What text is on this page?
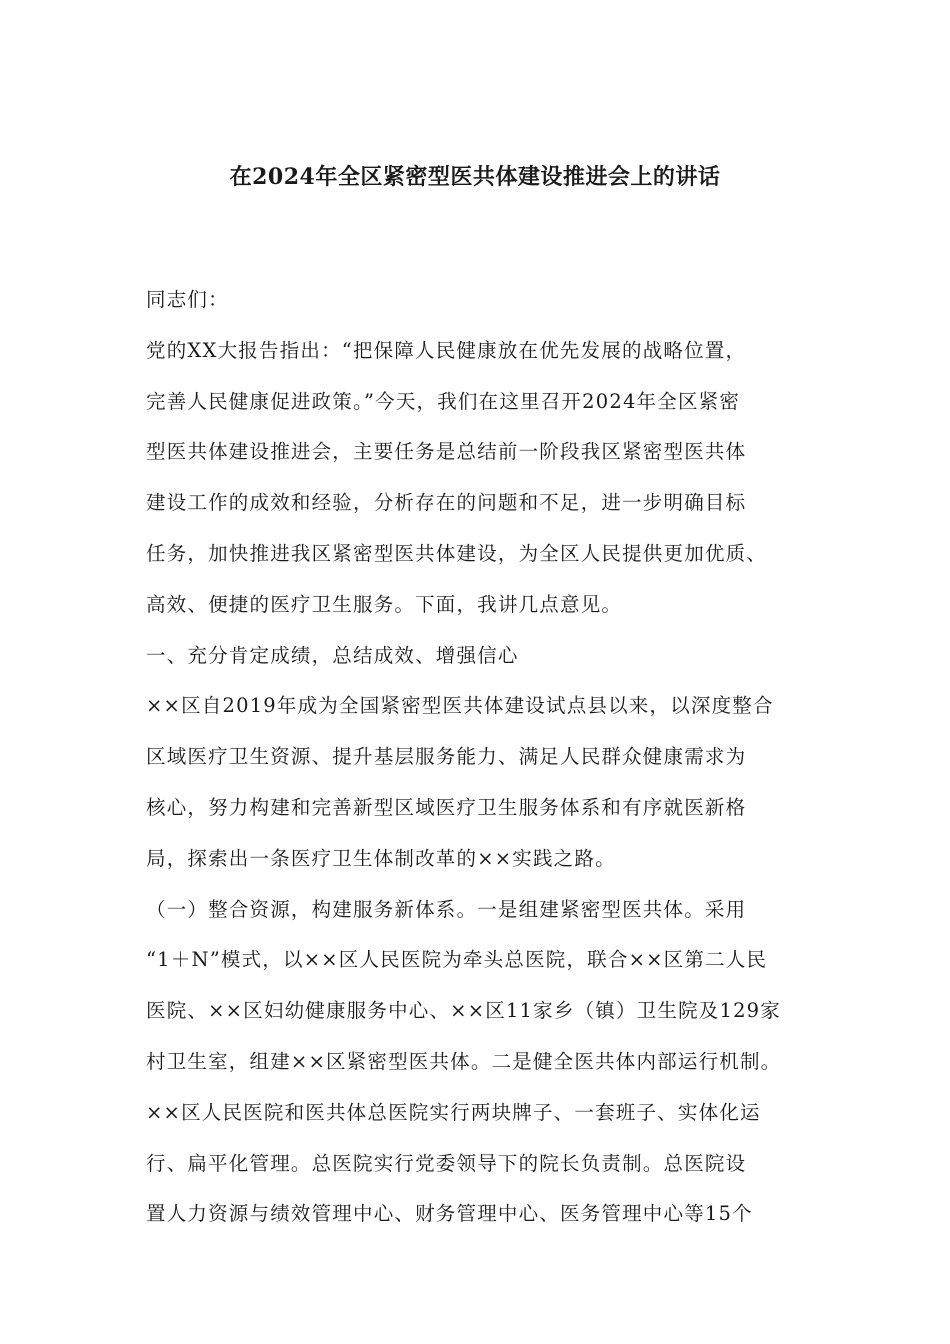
在2024年全区紧密型医共体建设推进会上的讲话
同志们：
党的XX大报告指出：“把保障人民健康放在优先发展的战略位置，
完善人民健康促进政策。”今天，我们在这里召开2024年全区紧密
型医共体建设推进会，主要任务是总结前一阶段我区紧密型医共体
建设工作的成效和经验，分析存在的问题和不足，进一步明确目标
任务，加快推进我区紧密型医共体建设，为全区人民提供更加优质、
高效、便捷的医疗卫生服务。下面，我讲几点意见。
一、充分肯定成绩，总结成效、增强信心
××区自2019年成为全国紧密型医共体建设试点县以来，以深度整合
区域医疗卫生资源、提升基层服务能力、满足人民群众健康需求为
核心，努力构建和完善新型区域医疗卫生服务体系和有序就医新格
局，探索出一条医疗卫生体制改革的××实践之路。
（一）整合资源，构建服务新体系。一是组建紧密型医共体。采用
“1＋N”模式，以××区人民医院为牵头总医院，联合××区第二人民
医院、××区妇幼健康服务中心、××区11家乡（镇）卫生院及129家
村卫生室，组建××区紧密型医共体。二是健全医共体内部运行机制。
××区人民医院和医共体总医院实行两块牌子、一套班子、实体化运
行、扁平化管理。总医院实行党委领导下的院长负责制。总医院设
置人力资源与绩效管理中心、财务管理中心、医务管理中心等15个
